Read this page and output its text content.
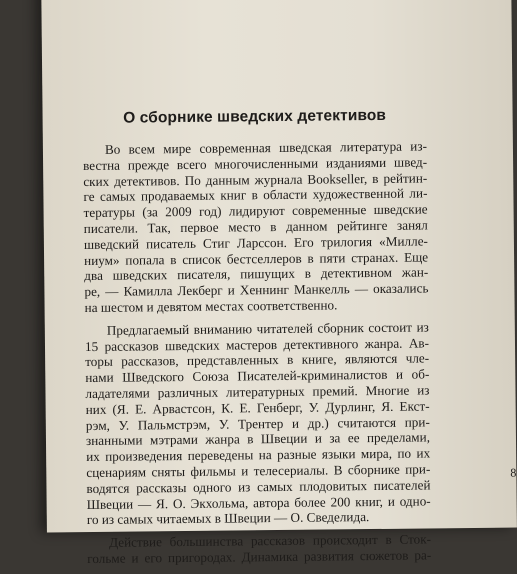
О сборнике шведских детективов
Во всем мире современная шведская литература из-
вестна прежде всего многочисленными изданиями швед-
ских детективов. По данным журнала Bookseller, в рейтин-
ге самых продаваемых книг в области художественной ли-
тературы (за 2009 год) лидируют современные шведские
писатели. Так, первое место в данном рейтинге занял
шведский писатель Стиг Ларссон. Его трилогия «Милле-
ниум» попала в список бестселлеров в пяти странах. Еще
два шведских писателя, пишущих в детективном жан-
ре, — Камилла Лекберг и Хеннинг Манкелль — оказались
на шестом и девятом местах соответственно.
Предлагаемый вниманию читателей сборник состоит из
15 рассказов шведских мастеров детективного жанра. Ав-
торы рассказов, представленных в книге, являются чле-
нами Шведского Союза Писателей-криминалистов и об-
ладателями различных литературных премий. Многие из
них (Я. Е. Арвастсон, К. Е. Генберг, У. Дурлинг, Я. Екст-
рэм, У. Пальмстрэм, У. Трентер и др.) считаются при-
знанными мэтрами жанра в Швеции и за ее пределами,
их произведения переведены на разные языки мира, по их
сценариям сняты фильмы и телесериалы. В сборнике при-
водятся рассказы одного из самых плодовитых писателей
Швеции — Я. О. Экхольма, автора более 200 книг, и одно-
го из самых читаемых в Швеции — О. Сведелида.
Действие большинства рассказов происходит в Сток-
гольме и его пригородах. Динамика развития сюжетов ра-
8
